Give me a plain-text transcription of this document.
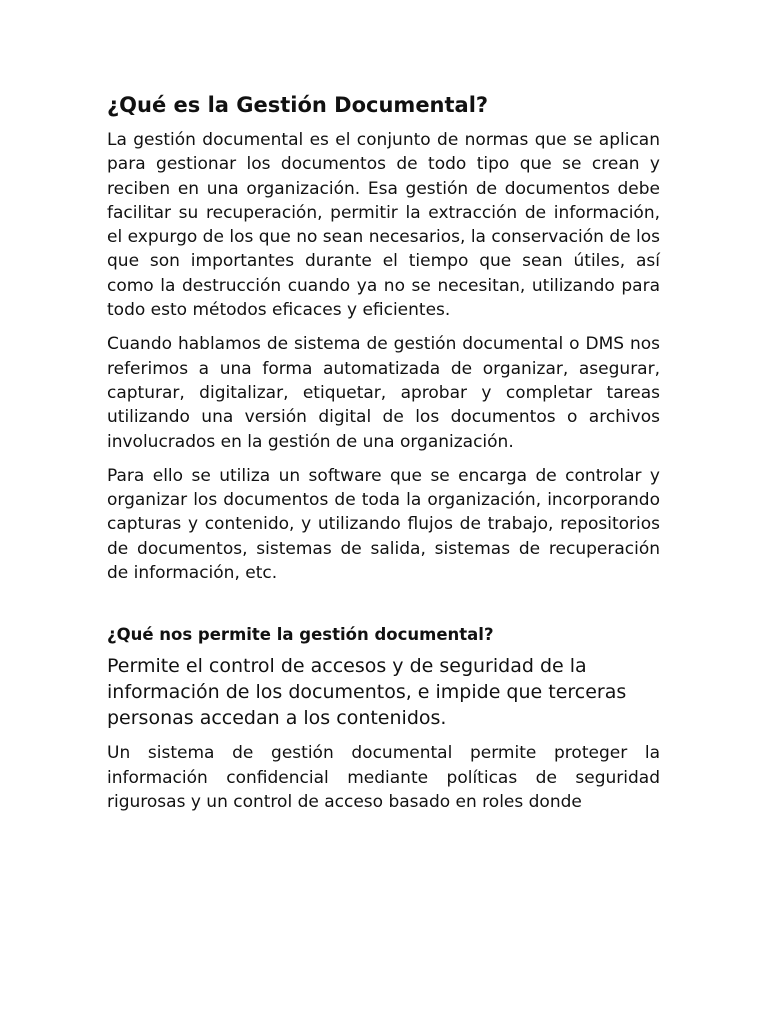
¿Qué es la Gestión Documental?

La gestión documental es el conjunto de normas que se aplican para gestionar los documentos de todo tipo que se crean y reciben en una organización. Esa gestión de documentos debe facilitar su recuperación, permitir la extracción de información, el expurgo de los que no sean necesarios, la conservación de los que son importantes durante el tiempo que sean útiles, así como la destrucción cuando ya no se necesitan, utilizando para todo esto métodos eficaces y eficientes.

Cuando hablamos de sistema de gestión documental o DMS nos referimos a una forma automatizada de organizar, asegurar, capturar, digitalizar, etiquetar, aprobar y completar tareas utilizando una versión digital de los documentos o archivos involucrados en la gestión de una organización.

Para ello se utiliza un software que se encarga de controlar y organizar los documentos de toda la organización, incorporando capturas y contenido, y utilizando flujos de trabajo, repositorios de documentos, sistemas de salida, sistemas de recuperación de información, etc.

¿Qué nos permite la gestión documental?

Permite el control de accesos y de seguridad de la información de los documentos, e impide que terceras personas accedan a los contenidos.

Un sistema de gestión documental permite proteger la información confidencial mediante políticas de seguridad rigurosas y un control de acceso basado en roles donde
